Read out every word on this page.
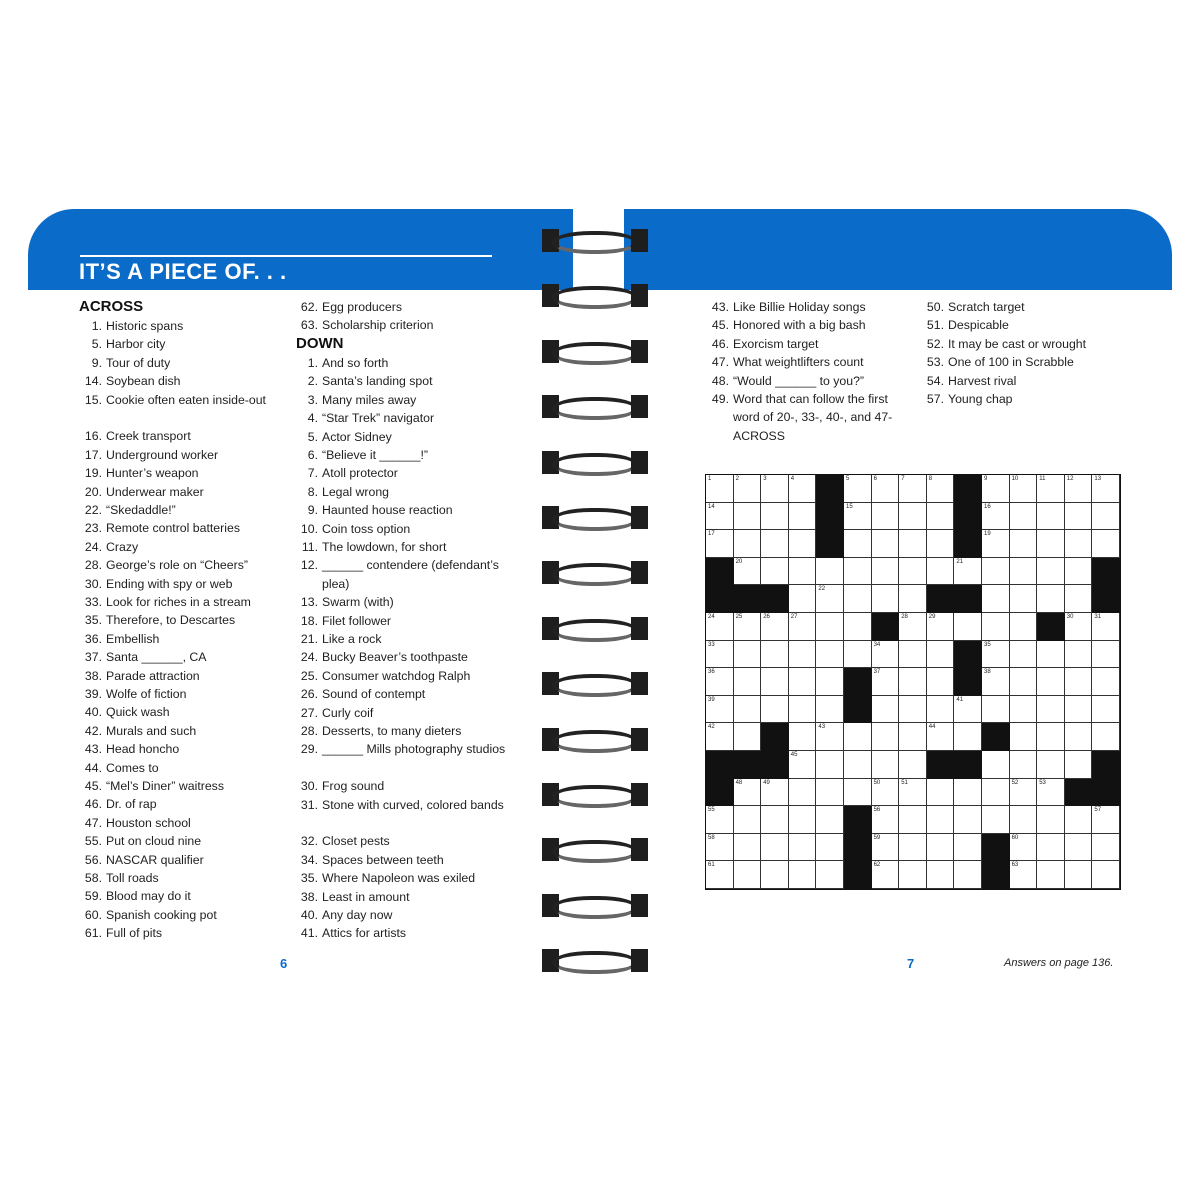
IT’S A PIECE OF. . .
ACROSS
DOWN
1. Historic spans
5. Harbor city
9. Tour of duty
14. Soybean dish
15. Cookie often eaten inside-out
16. Creek transport
17. Underground worker
19. Hunter’s weapon
20. Underwear maker
22. “Skedaddle!”
23. Remote control batteries
24. Crazy
28. George’s role on “Cheers”
30. Ending with spy or web
33. Look for riches in a stream
35. Therefore, to Descartes
36. Embellish
37. Santa ______, CA
38. Parade attraction
39. Wolfe of fiction
40. Quick wash
42. Murals and such
43. Head honcho
44. Comes to
45. “Mel’s Diner” waitress
46. Dr. of rap
47. Houston school
55. Put on cloud nine
56. NASCAR qualifier
58. Toll roads
59. Blood may do it
60. Spanish cooking pot
61. Full of pits
62. Egg producers
63. Scholarship criterion
1. And so forth
2. Santa’s landing spot
3. Many miles away
4. “Star Trek” navigator
5. Actor Sidney
6. “Believe it ______!”
7. Atoll protector
8. Legal wrong
9. Haunted house reaction
10. Coin toss option
11. The lowdown, for short
12. ______ contendere (defendant’s plea)
13. Swarm (with)
18. Filet follower
21. Like a rock
24. Bucky Beaver’s toothpaste
25. Consumer watchdog Ralph
26. Sound of contempt
27. Curly coif
28. Desserts, to many dieters
29. ______ Mills photography studios
30. Frog sound
31. Stone with curved, colored bands
32. Closet pests
34. Spaces between teeth
35. Where Napoleon was exiled
38. Least in amount
40. Any day now
41. Attics for artists
43. Like Billie Holiday songs
45. Honored with a big bash
46. Exorcism target
47. What weightlifters count
48. “Would ______ to you?”
49. Word that can follow the first word of 20-, 33-, 40-, and 47- ACROSS
50. Scratch target
51. Despicable
52. It may be cast or wrought
53. One of 100 in Scrabble
54. Harvest rival
57. Young chap
1	2	3	4	5	6	7	8	9	10	11	12	13
14	15	16
17	19
20	21
22
24	25	26	27	28	29	30	31
33	34	35
36	37	38
39	41
42	43	44
45
48	49	50	51	52	53
55	56	57
58	59	60
61	62	63
6	7	Answers on page 136.
